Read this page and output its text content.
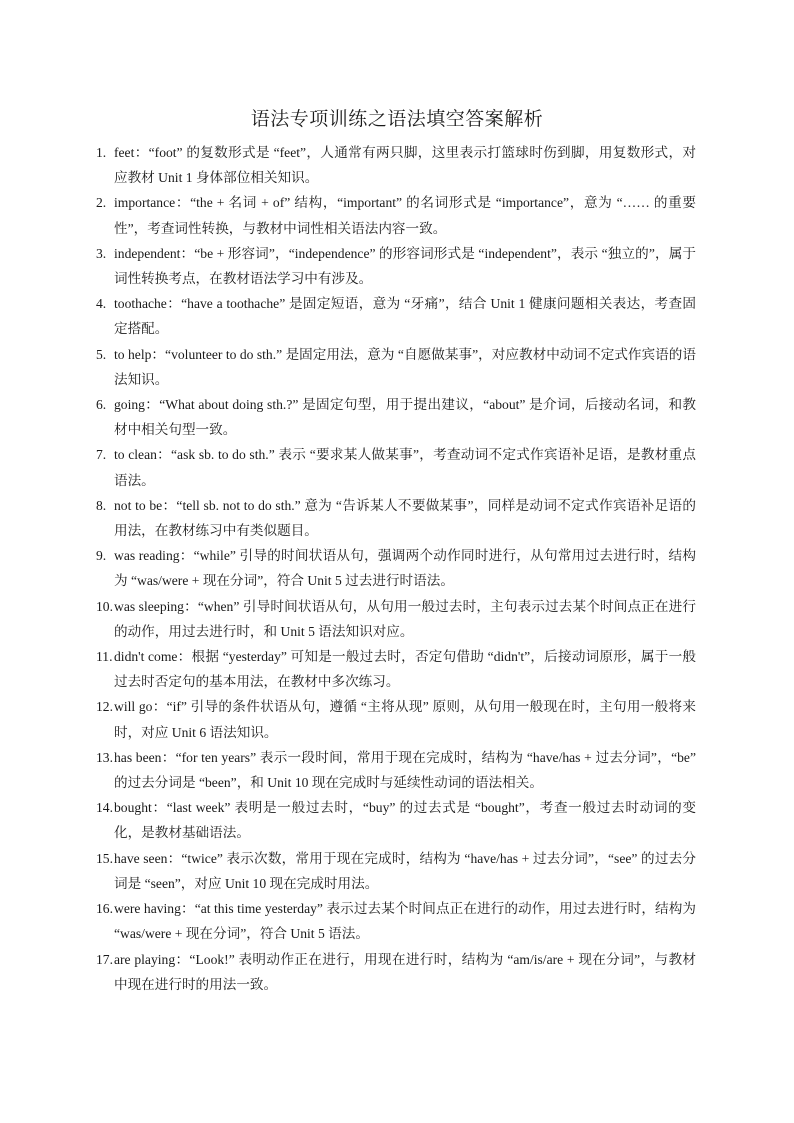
语法专项训练之语法填空答案解析
1. feet：“foot” 的复数形式是 “feet”，人通常有两只脚，这里表示打篮球时伤到脚，用复数形式，对应教材 Unit 1 身体部位相关知识。
2. importance：“the + 名词 + of” 结构，“important” 的名词形式是 “importance”，意为 “…… 的重要性”，考查词性转换，与教材中词性相关语法内容一致。
3. independent：“be + 形容词”，“independence” 的形容词形式是 “independent”，表示 “独立的”，属于词性转换考点，在教材语法学习中有涉及。
4. toothache：“have a toothache” 是固定短语，意为 “牙痛”，结合 Unit 1 健康问题相关表达，考查固定搭配。
5. to help：“volunteer to do sth.” 是固定用法，意为 “自愿做某事”，对应教材中动词不定式作宾语的语法知识。
6. going：“What about doing sth.?” 是固定句型，用于提出建议，“about” 是介词，后接动名词，和教材中相关句型一致。
7. to clean：“ask sb. to do sth.” 表示 “要求某人做某事”，考查动词不定式作宾语补足语，是教材重点语法。
8. not to be：“tell sb. not to do sth.” 意为 “告诉某人不要做某事”，同样是动词不定式作宾语补足语的用法，在教材练习中有类似题目。
9. was reading：“while” 引导的时间状语从句，强调两个动作同时进行，从句常用过去进行时，结构为 “was/were + 现在分词”，符合 Unit 5 过去进行时语法。
10. was sleeping：“when” 引导时间状语从句，从句用一般过去时，主句表示过去某个时间点正在进行的动作，用过去进行时，和 Unit 5 语法知识对应。
11. didn't come：根据 “yesterday” 可知是一般过去时，否定句借助 “didn't”，后接动词原形，属于一般过去时否定句的基本用法，在教材中多次练习。
12. will go：“if” 引导的条件状语从句，遵循 “主将从现” 原则，从句用一般现在时，主句用一般将来时，对应 Unit 6 语法知识。
13. has been：“for ten years” 表示一段时间，常用于现在完成时，结构为 “have/has + 过去分词”，“be” 的过去分词是 “been”，和 Unit 10 现在完成时与延续性动词的语法相关。
14. bought：“last week” 表明是一般过去时，“buy” 的过去式是 “bought”，考查一般过去时动词的变化，是教材基础语法。
15. have seen：“twice” 表示次数，常用于现在完成时，结构为 “have/has + 过去分词”，“see” 的过去分词是 “seen”，对应 Unit 10 现在完成时用法。
16. were having：“at this time yesterday” 表示过去某个时间点正在进行的动作，用过去进行时，结构为 “was/were + 现在分词”，符合 Unit 5 语法。
17. are playing：“Look!” 表明动作正在进行，用现在进行时，结构为 “am/is/are + 现在分词”，与教材中现在进行时的用法一致。
